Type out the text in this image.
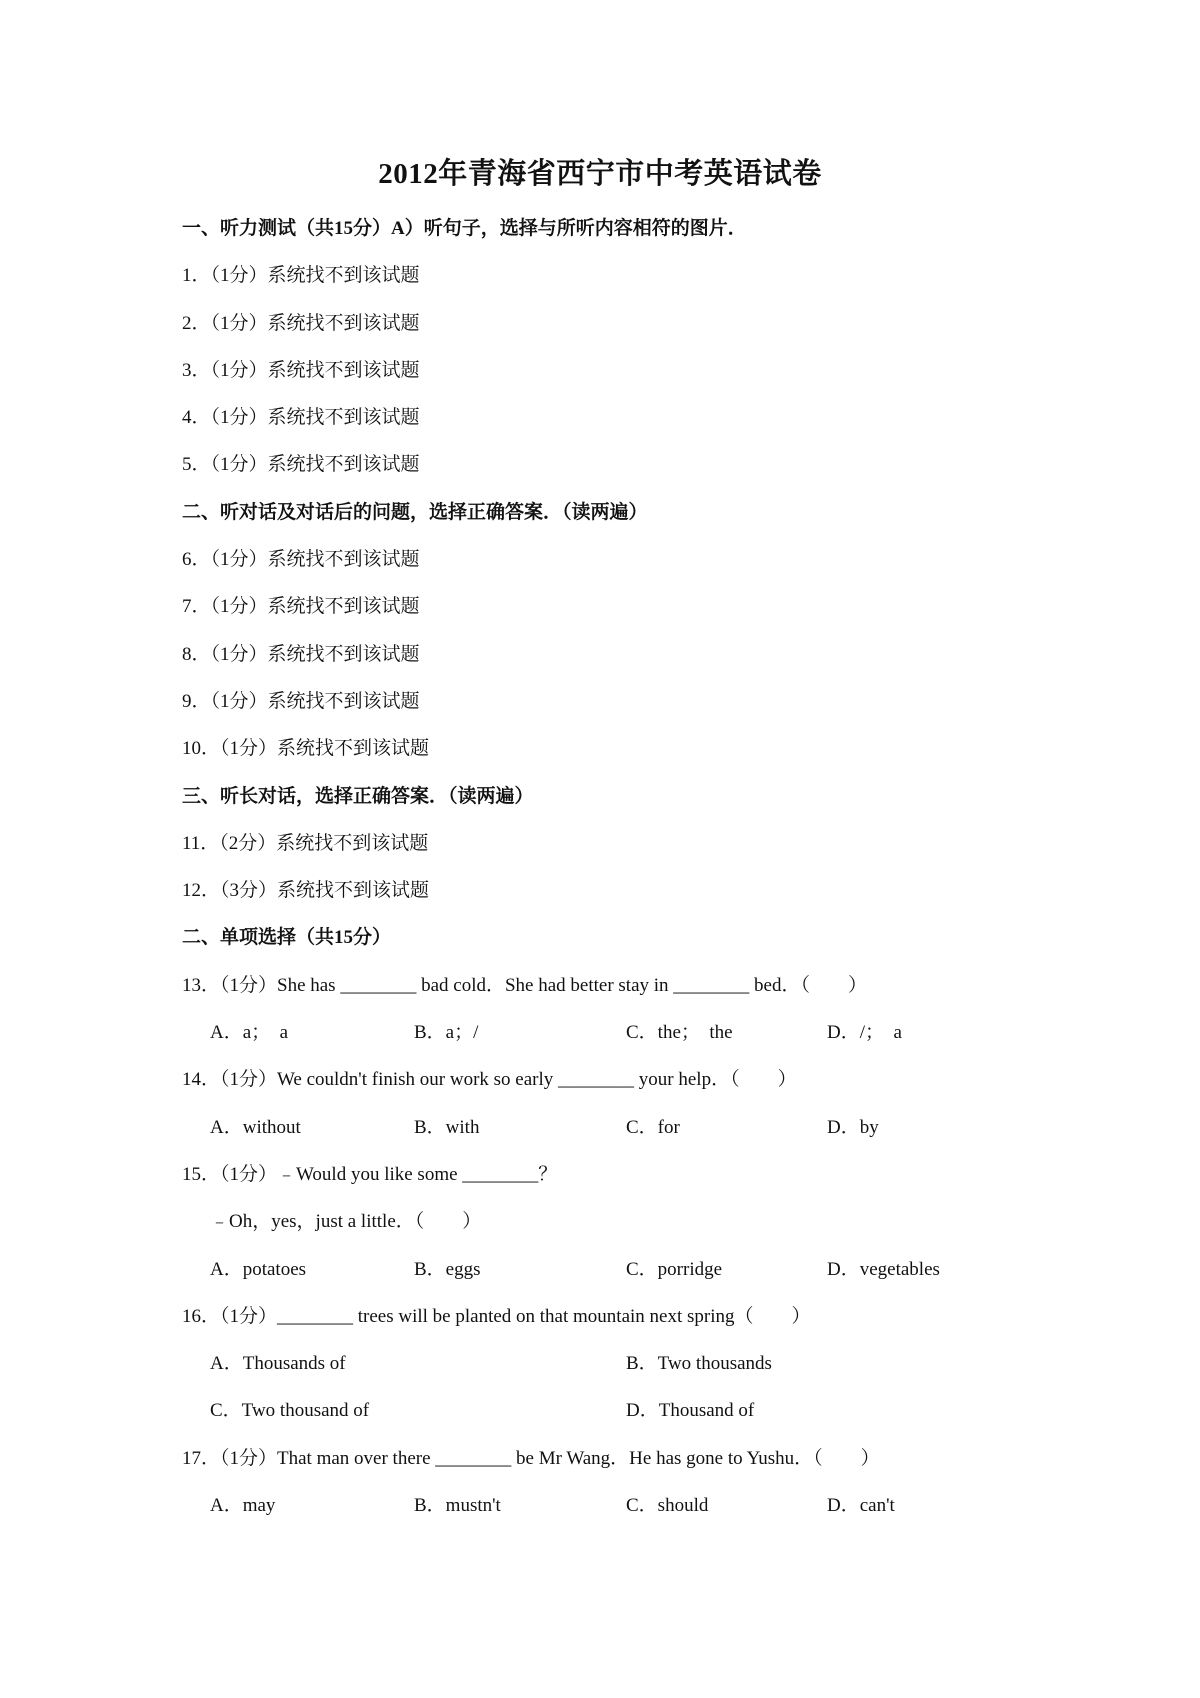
2012年青海省西宁市中考英语试卷
一、听力测试（共15分）A）听句子，选择与所听内容相符的图片．
1．（1分）系统找不到该试题
2．（1分）系统找不到该试题
3．（1分）系统找不到该试题
4．（1分）系统找不到该试题
5．（1分）系统找不到该试题
二、听对话及对话后的问题，选择正确答案．（读两遍）
6．（1分）系统找不到该试题
7．（1分）系统找不到该试题
8．（1分）系统找不到该试题
9．（1分）系统找不到该试题
10．（1分）系统找不到该试题
三、听长对话，选择正确答案．（读两遍）
11．（2分）系统找不到该试题
12．（3分）系统找不到该试题
二、单项选择（共15分）
13．（1分）She has ________ bad cold．She had better stay in ________ bed．（　　）
A．a；　a	B．a；/	C．the；　the	D．/；　a
14．（1分）We couldn't finish our work so early ________ your help．（　　）
A．without	B．with	C．for	D．by
15．（1分）﹣Would you like some ________？
﹣Oh，yes，just a little．（　　）
A．potatoes	B．eggs	C．porridge	D．vegetables
16．（1分）________ trees will be planted on that mountain next spring（　　）
A．Thousands of	B．Two thousands
C．Two thousand of	D．Thousand of
17．（1分）That man over there ________ be Mr Wang．He has gone to Yushu．（　　）
A．may	B．mustn't	C．should	D．can't
